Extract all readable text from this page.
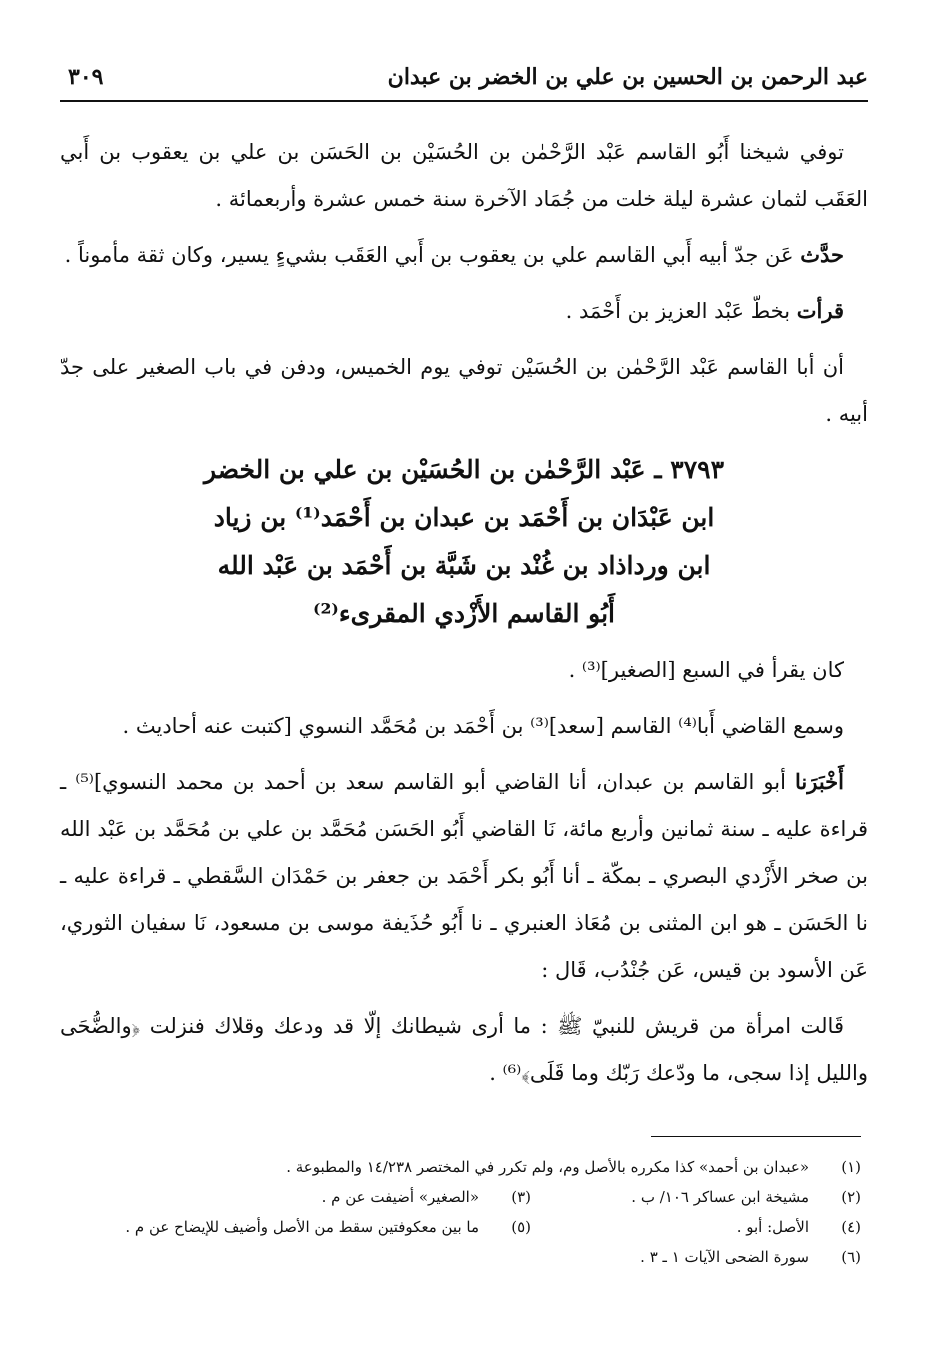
عبد الرحمن بن الحسين بن علي بن الخضر بن عبدان
٣٠٩

توفي شيخنا أَبُو القاسم عَبْد الرَّحْمٰن بن الحُسَيْن بن الحَسَن بن علي بن يعقوب بن أَبي العَقَب لثمان عشرة ليلة خلت من جُمَاد الآخرة سنة خمس عشرة وأربعمائة .

حدَّث عَن جدّ أبيه أَبي القاسم علي بن يعقوب بن أَبي العَقَب بشيءٍ يسير، وكان ثقة مأموناً .

قرأت بخطّ عَبْد العزيز بن أَحْمَد .

أن أبا القاسم عَبْد الرَّحْمٰن بن الحُسَيْن توفي يوم الخميس، ودفن في باب الصغير على جدّ أبيه .

٣٧٩٣ ـ عَبْد الرَّحْمٰن بن الحُسَيْن بن علي بن الخضر
ابن عَبْدَان بن أَحْمَد بن عبدان بن أَحْمَد⁽¹⁾ بن زياد
ابن ورداذاد بن غُنْد بن شَبَّة بن أَحْمَد بن عَبْد الله
أَبُو القاسم الأَزْدي المقرىء⁽²⁾

كان يقرأ في السبع [الصغير]⁽³⁾ .

وسمع القاضي أَبا⁽⁴⁾ القاسم [سعد]⁽³⁾ بن أَحْمَد بن مُحَمَّد النسوي [كتبت عنه أحاديث .

أَخْبَرَنا أبو القاسم بن عبدان، أنا القاضي أبو القاسم سعد بن أحمد بن محمد النسوي]⁽⁵⁾ ـ قراءة عليه ـ سنة ثمانين وأربع مائة، نَا القاضي أَبُو الحَسَن مُحَمَّد بن علي بن مُحَمَّد بن عَبْد الله بن صخر الأَزْدي البصري ـ بمكّة ـ أنا أَبُو بكر أَحْمَد بن جعفر بن حَمْدَان السَّقطي ـ قراءة عليه ـ نا الحَسَن ـ هو ابن المثنى بن مُعَاذ العنبري ـ نا أَبُو حُذَيفة موسى بن مسعود، نَا سفيان الثوري، عَن الأسود بن قيس، عَن جُنْدُب، قَال :

قَالت امرأة من قريش للنبيّ ﷺ : ما أرى شيطانك إلّا قد ودعك وقلاك فنزلت ﴿والضُّحَى والليل إذا سجى، ما ودّعك رَبّك وما قَلَى﴾⁽⁶⁾ .

(١)
«عبدان بن أحمد» كذا مكرره بالأصل وم، ولم تكرر في المختصر ١٤/٢٣٨ والمطبوعة .
(٢)
مشيخة ابن عساكر ١٠٦/ ب .
(٣)
«الصغير» أضيفت عن م .
(٤)
الأصل: أبو .
(٥)
ما بين معكوفتين سقط من الأصل وأضيف للإيضاح عن م .
(٦)
سورة الضحى الآيات ١ ـ ٣ .
